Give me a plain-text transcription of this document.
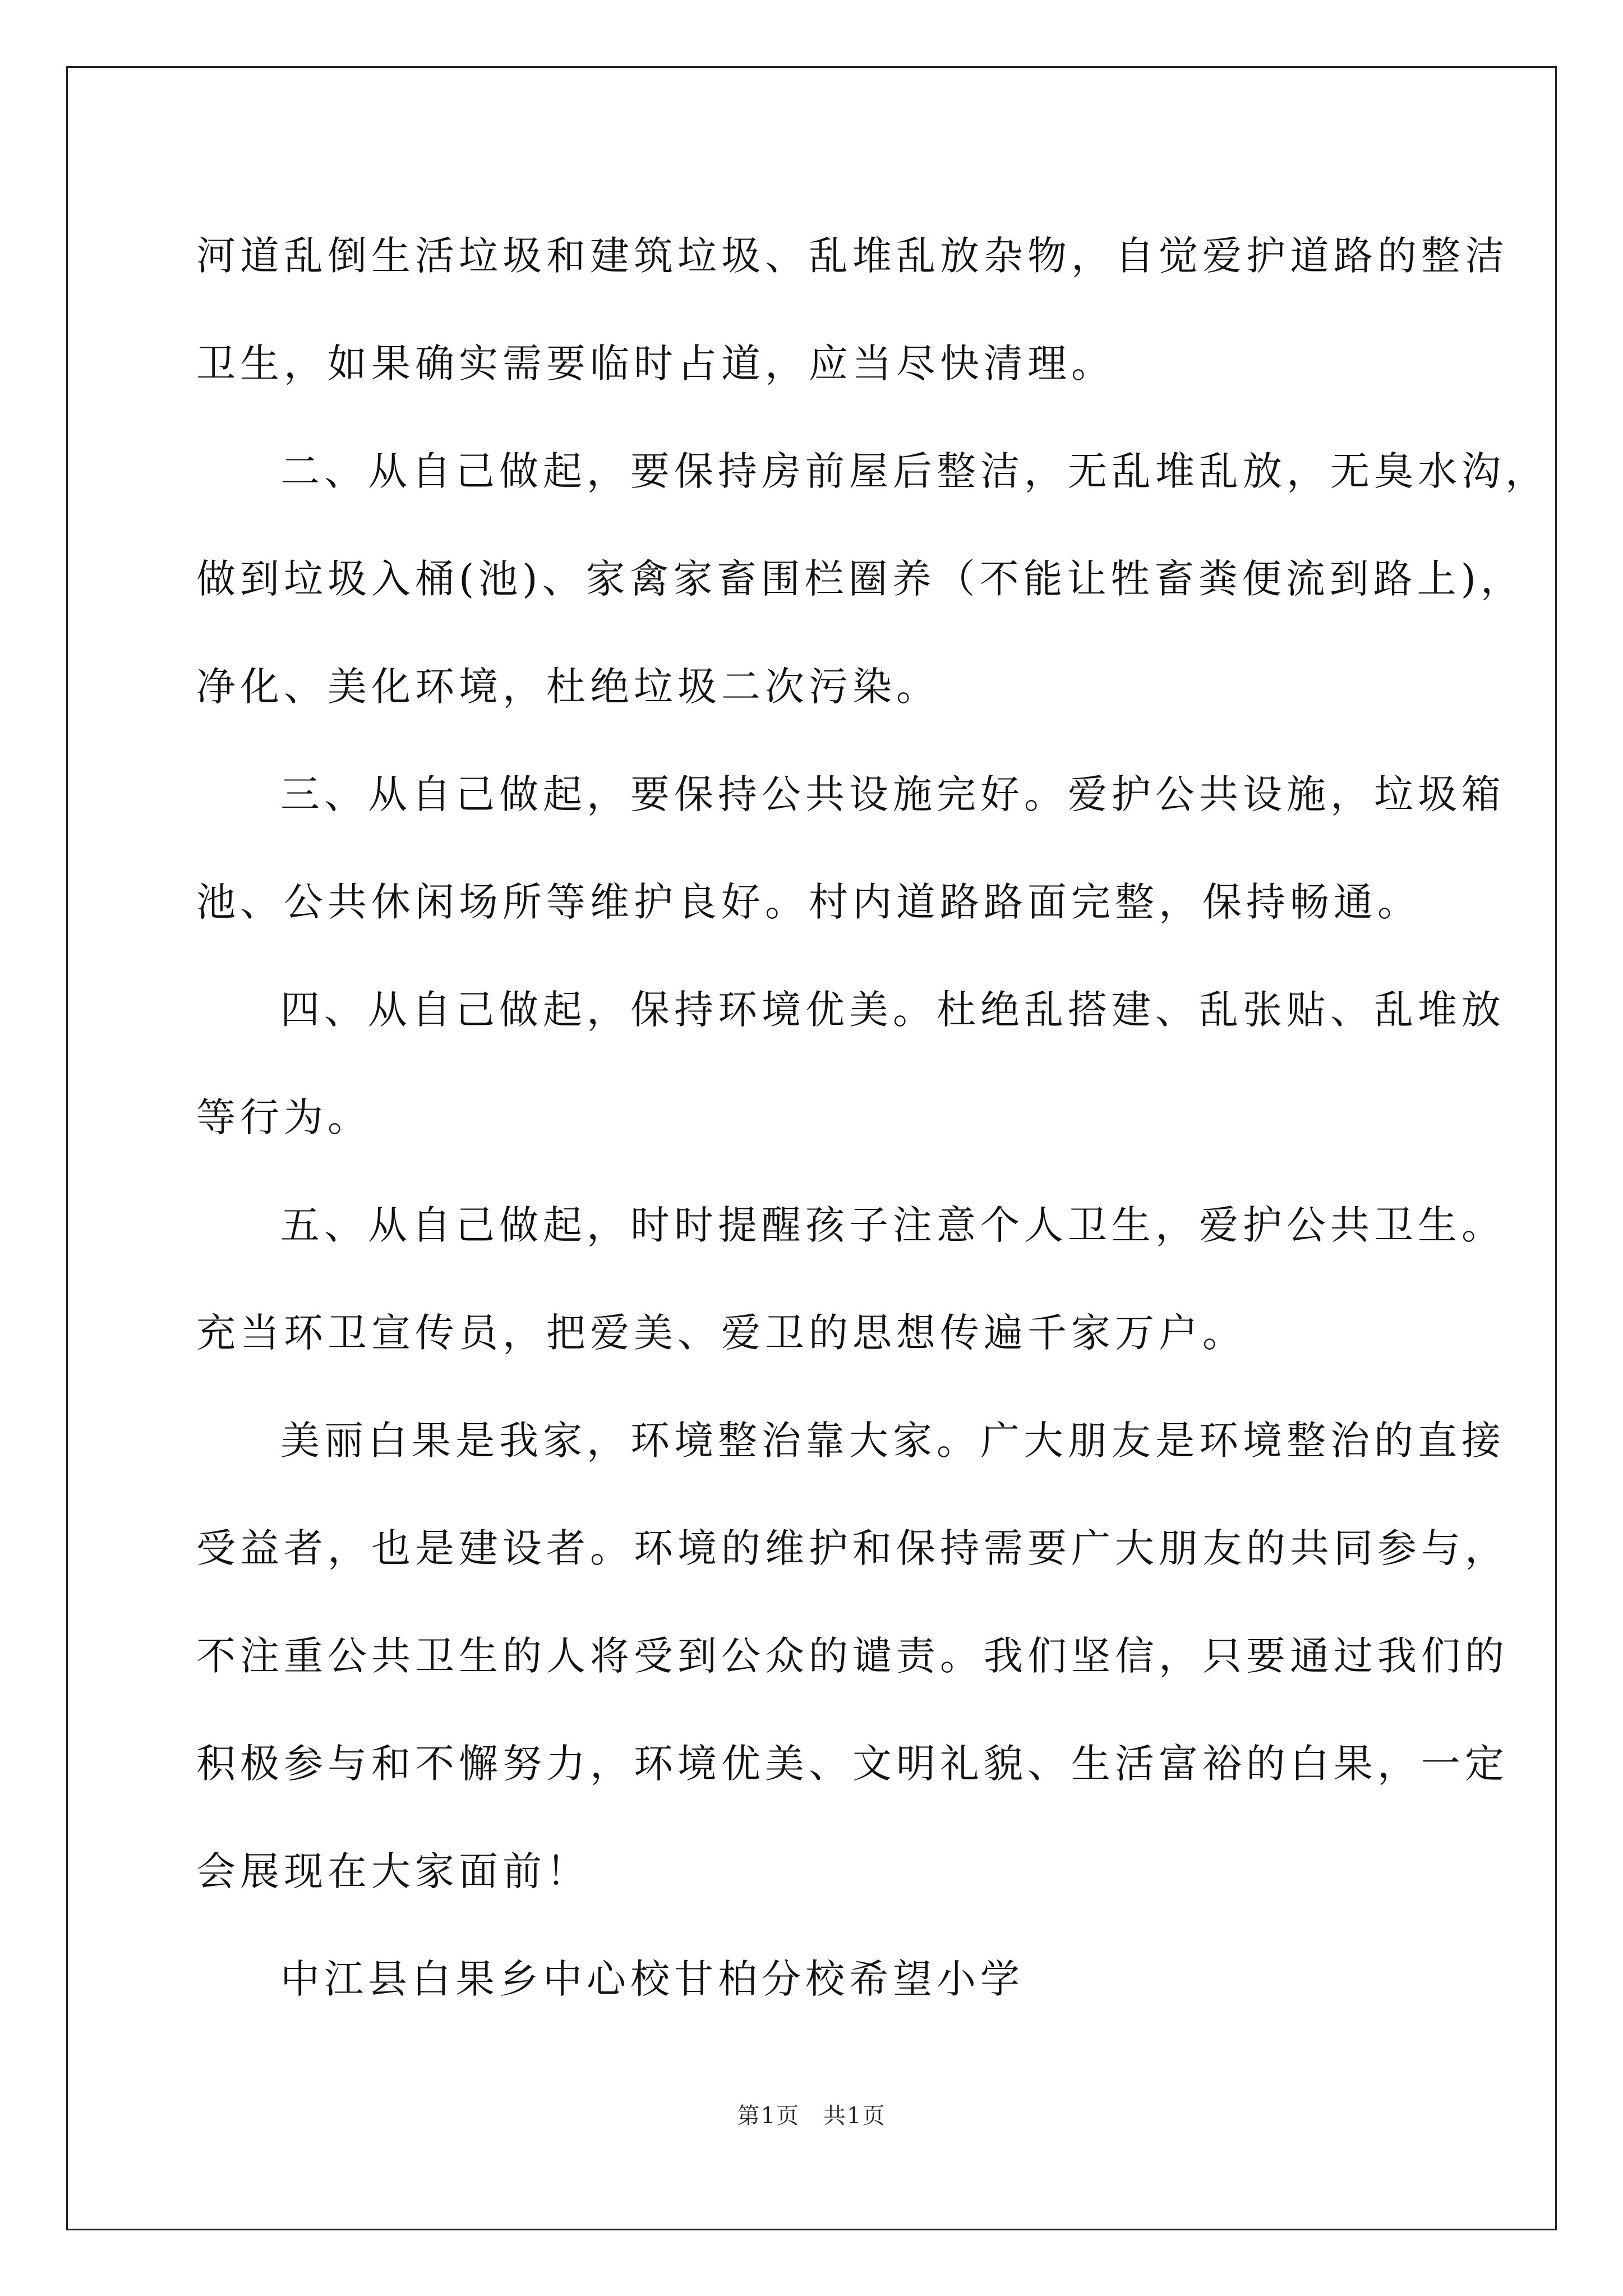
河道乱倒生活垃圾和建筑垃圾、乱堆乱放杂物，自觉爱护道路的整洁
卫生，如果确实需要临时占道，应当尽快清理。
二、从自己做起，要保持房前屋后整洁，无乱堆乱放，无臭水沟，
做到垃圾入桶(池)、家禽家畜围栏圈养（不能让牲畜粪便流到路上)，
净化、美化环境，杜绝垃圾二次污染。
三、从自己做起，要保持公共设施完好。爱护公共设施，垃圾箱
池、公共休闲场所等维护良好。村内道路路面完整，保持畅通。
四、从自己做起，保持环境优美。杜绝乱搭建、乱张贴、乱堆放
等行为。
五、从自己做起，时时提醒孩子注意个人卫生，爱护公共卫生。
充当环卫宣传员，把爱美、爱卫的思想传遍千家万户。
美丽白果是我家，环境整治靠大家。广大朋友是环境整治的直接
受益者，也是建设者。环境的维护和保持需要广大朋友的共同参与，
不注重公共卫生的人将受到公众的谴责。我们坚信，只要通过我们的
积极参与和不懈努力，环境优美、文明礼貌、生活富裕的白果，一定
会展现在大家面前！
中江县白果乡中心校甘柏分校希望小学
第1页　共1页
